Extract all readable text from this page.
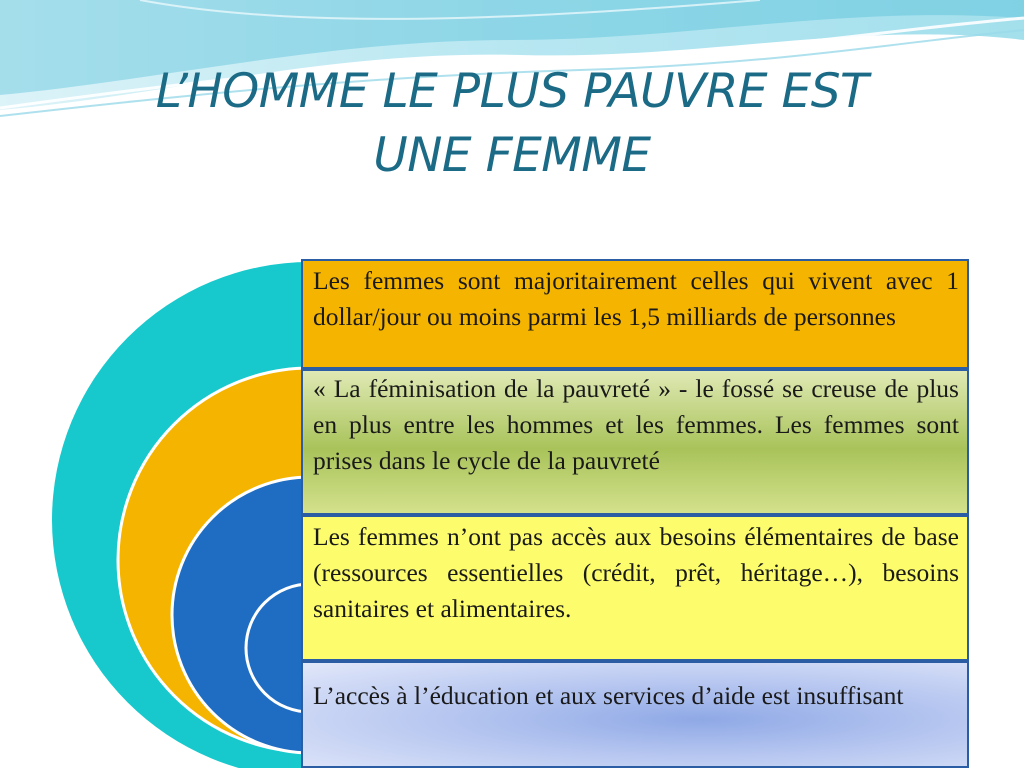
L’HOMME LE PLUS PAUVRE EST
UNE FEMME
Les femmes sont majoritairement celles qui vivent avec 1 dollar/jour ou moins parmi les 1,5 milliards de personnes
« La féminisation de la pauvreté » - le fossé se creuse de plus en plus entre les hommes et les femmes. Les femmes sont prises dans le cycle de la pauvreté
Les femmes n’ont pas accès aux besoins élémentaires de base (ressources essentielles (crédit, prêt, héritage…), besoins sanitaires et alimentaires.
L’accès à l’éducation et aux services d’aide est insuffisant
